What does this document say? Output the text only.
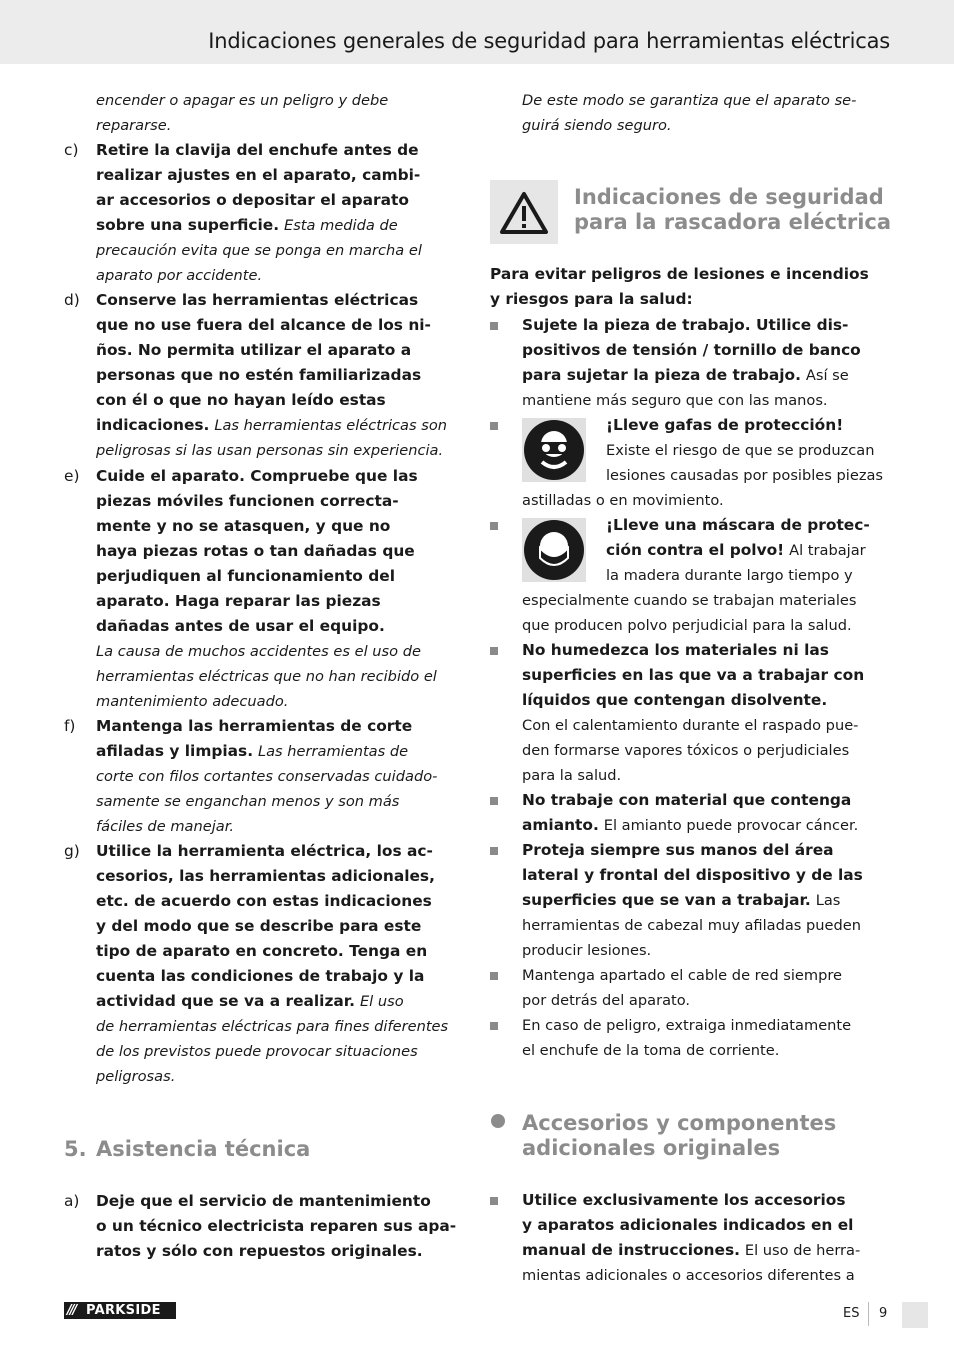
Indicaciones generales de seguridad para herramientas eléctricas
encender o apagar es un peligro y debe
repararse.
c) Retire la clavija del enchufe antes de
realizar ajustes en el aparato, cambi-
ar accesorios o depositar el aparato
sobre una superficie. Esta medida de
precaución evita que se ponga en marcha el
aparato por accidente.
d) Conserve las herramientas eléctricas
que no use fuera del alcance de los ni-
ños. No permita utilizar el aparato a
personas que no estén familiarizadas
con él o que no hayan leído estas
indicaciones. Las herramientas eléctricas son
peligrosas si las usan personas sin experiencia.
e) Cuide el aparato. Compruebe que las
piezas móviles funcionen correcta-
mente y no se atasquen, y que no
haya piezas rotas o tan dañadas que
perjudiquen al funcionamiento del
aparato. Haga reparar las piezas
dañadas antes de usar el equipo.
La causa de muchos accidentes es el uso de
herramientas eléctricas que no han recibido el
mantenimiento adecuado.
f) Mantenga las herramientas de corte
afiladas y limpias. Las herramientas de
corte con filos cortantes conservadas cuidado-
samente se enganchan menos y son más
fáciles de manejar.
g) Utilice la herramienta eléctrica, los ac-
cesorios, las herramientas adicionales,
etc. de acuerdo con estas indicaciones
y del modo que se describe para este
tipo de aparato en concreto. Tenga en
cuenta las condiciones de trabajo y la
actividad que se va a realizar. El uso
de herramientas eléctricas para fines diferentes
de los previstos puede provocar situaciones
peligrosas.
5. Asistencia técnica
a) Deje que el servicio de mantenimiento
o un técnico electricista reparen sus apa-
ratos y sólo con repuestos originales.
De este modo se garantiza que el aparato se-
guirá siendo seguro.
Indicaciones de seguridad
para la rascadora eléctrica
Para evitar peligros de lesiones e incendios
y riesgos para la salud:
Sujete la pieza de trabajo. Utilice dis-
positivos de tensión / tornillo de banco
para sujetar la pieza de trabajo. Así se
mantiene más seguro que con las manos.
¡Lleve gafas de protección!
Existe el riesgo de que se produzcan
lesiones causadas por posibles piezas
astilladas o en movimiento.
¡Lleve una máscara de protec-
ción contra el polvo! Al trabajar
la madera durante largo tiempo y
especialmente cuando se trabajan materiales
que producen polvo perjudicial para la salud.
No humedezca los materiales ni las
superficies en las que va a trabajar con
líquidos que contengan disolvente.
Con el calentamiento durante el raspado pue-
den formarse vapores tóxicos o perjudiciales
para la salud.
No trabaje con material que contenga
amianto. El amianto puede provocar cáncer.
Proteja siempre sus manos del área
lateral y frontal del dispositivo y de las
superficies que se van a trabajar. Las
herramientas de cabezal muy afiladas pueden
producir lesiones.
Mantenga apartado el cable de red siempre
por detrás del aparato.
En caso de peligro, extraiga inmediatamente
el enchufe de la toma de corriente.
Accesorios y componentes
adicionales originales
Utilice exclusivamente los accesorios
y aparatos adicionales indicados en el
manual de instrucciones. El uso de herra-
mientas adicionales o accesorios diferentes a
/// PARKSIDE	ES 9
